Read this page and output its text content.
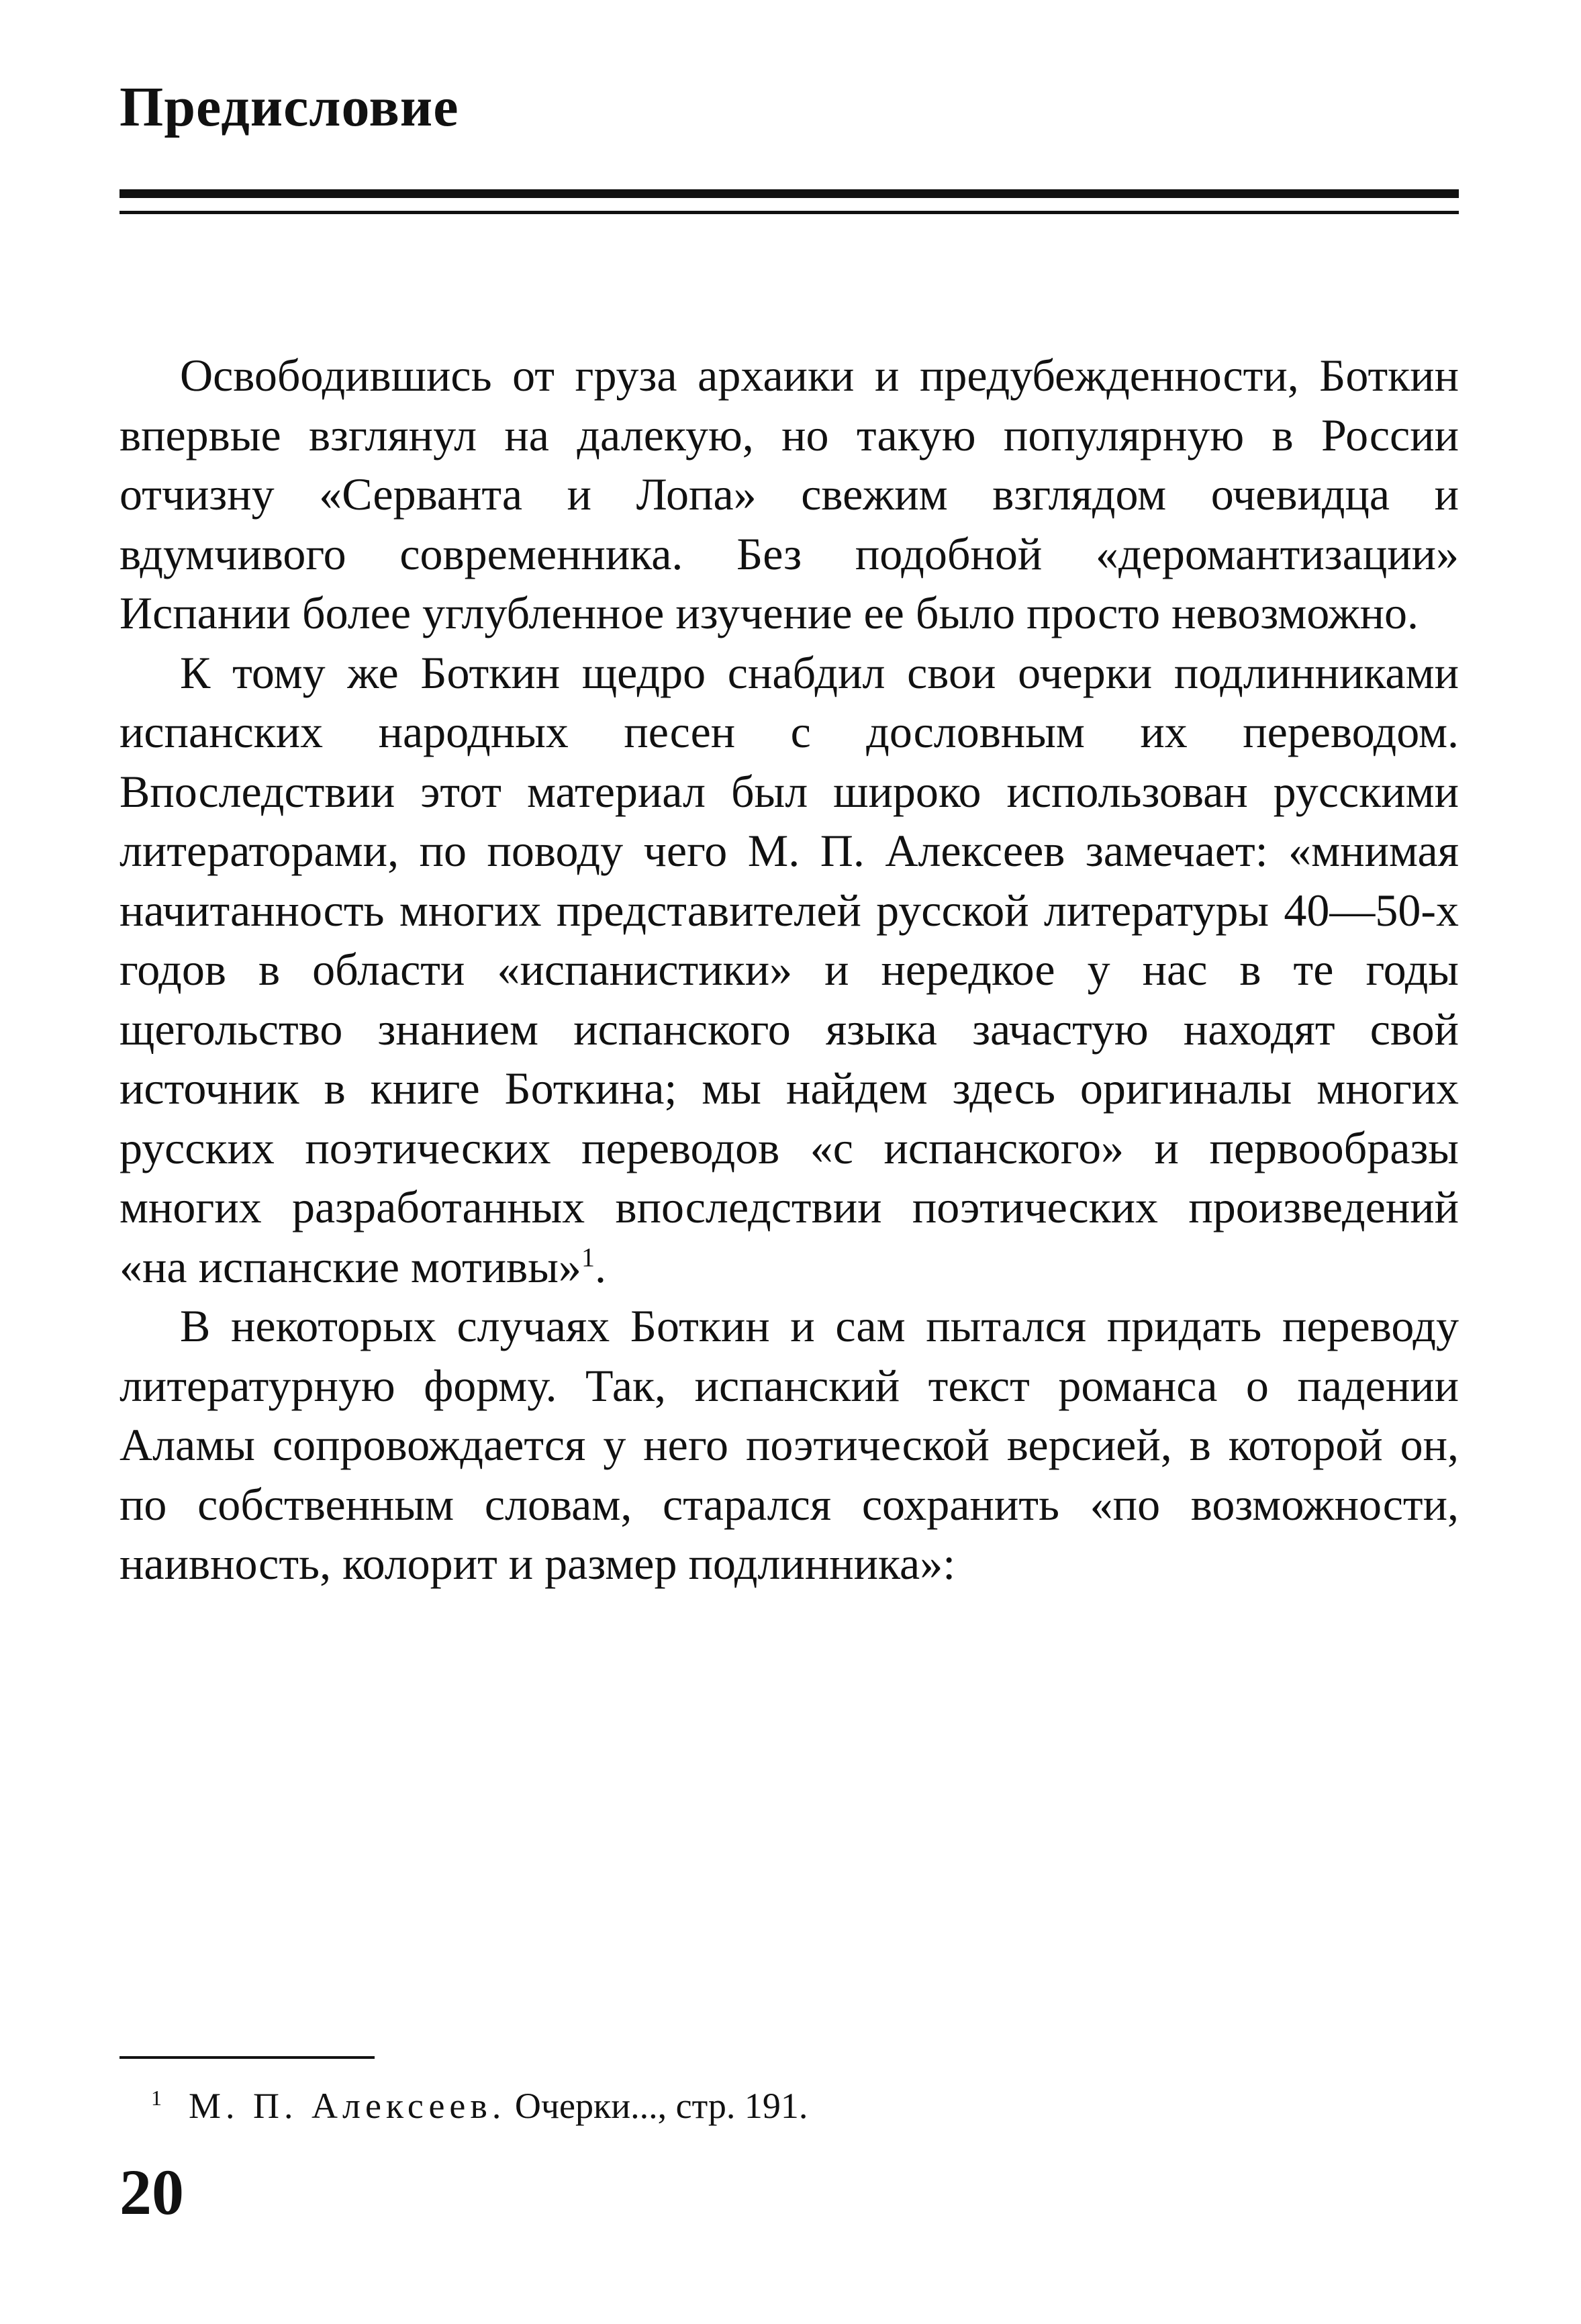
Предисловие

Освободившись от груза архаики и предубежденности, Боткин впервые взглянул на далекую, но такую популярную в России отчизну «Серванта и Лопа» свежим взглядом очевидца и вдумчивого современника. Без подобной «деромантизации» Испании более углубленное изучение ее было просто невозможно.

К тому же Боткин щедро снабдил свои очерки подлинниками испанских народных песен с дословным их переводом. Впоследствии этот материал был широко использован русскими литераторами, по поводу чего М. П. Алексеев замечает: «мнимая начитанность многих представителей русской литературы 40—50-х годов в области «испанистики» и нередкое у нас в те годы щегольство знанием испанского языка зачастую находят свой источник в книге Боткина; мы найдем здесь оригиналы многих русских поэтических переводов «с испанского» и первообразы многих разработанных впоследствии поэтических произведений «на испанские мотивы»$^1$.

В некоторых случаях Боткин и сам пытался придать переводу литературную форму. Так, испанский текст романса о падении Аламы сопровождается у него поэтической версией, в которой он, по собственным словам, старался сохранить «по возможности, наивность, колорит и размер подлинника»:

$^1$ М. П. Алексеев. Очерки..., стр. 191.
20
